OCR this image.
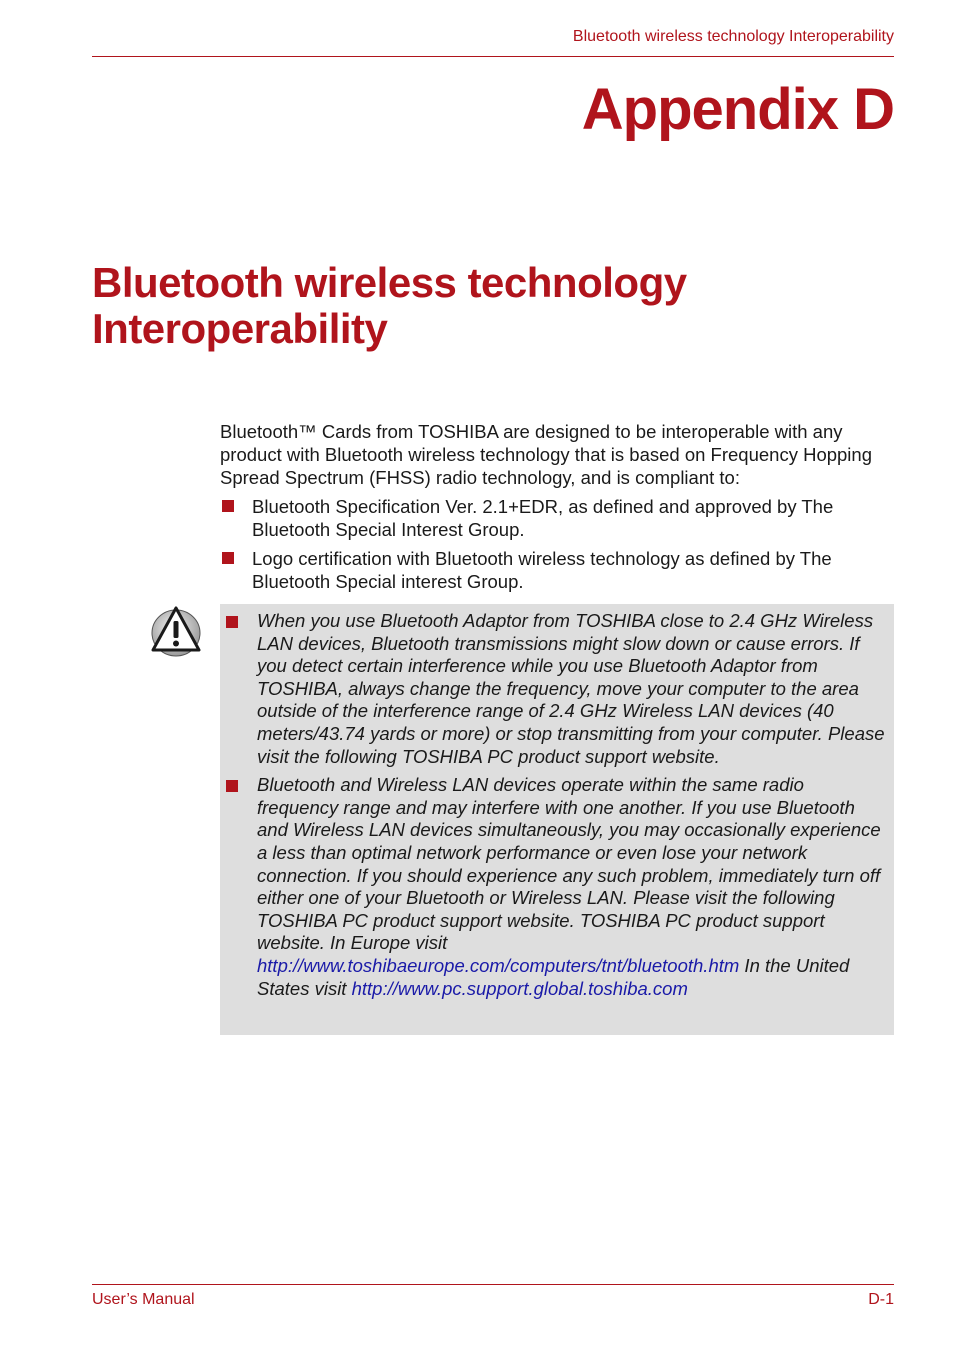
Bluetooth wireless technology Interoperability
Appendix D
Bluetooth wireless technology Interoperability
Bluetooth™ Cards from TOSHIBA are designed to be interoperable with any product with Bluetooth wireless technology that is based on Frequency Hopping Spread Spectrum (FHSS) radio technology, and is compliant to:
Bluetooth Specification Ver. 2.1+EDR, as defined and approved by The Bluetooth Special Interest Group.
Logo certification with Bluetooth wireless technology as defined by The Bluetooth Special interest Group.
When you use Bluetooth Adaptor from TOSHIBA close to 2.4 GHz Wireless LAN devices, Bluetooth transmissions might slow down or cause errors. If you detect certain interference while you use Bluetooth Adaptor from TOSHIBA, always change the frequency, move your computer to the area outside of the interference range of 2.4 GHz Wireless LAN devices (40 meters/43.74 yards or more) or stop transmitting from your computer. Please visit the following TOSHIBA PC product support website.
Bluetooth and Wireless LAN devices operate within the same radio frequency range and may interfere with one another. If you use Bluetooth and Wireless LAN devices simultaneously, you may occasionally experience a less than optimal network performance or even lose your network connection. If you should experience any such problem, immediately turn off either one of your Bluetooth or Wireless LAN. Please visit the following TOSHIBA PC product support website. TOSHIBA PC product support website. In Europe visit http://www.toshibaeurope.com/computers/tnt/bluetooth.htm In the United States visit http://www.pc.support.global.toshiba.com
User’s Manual	D-1
